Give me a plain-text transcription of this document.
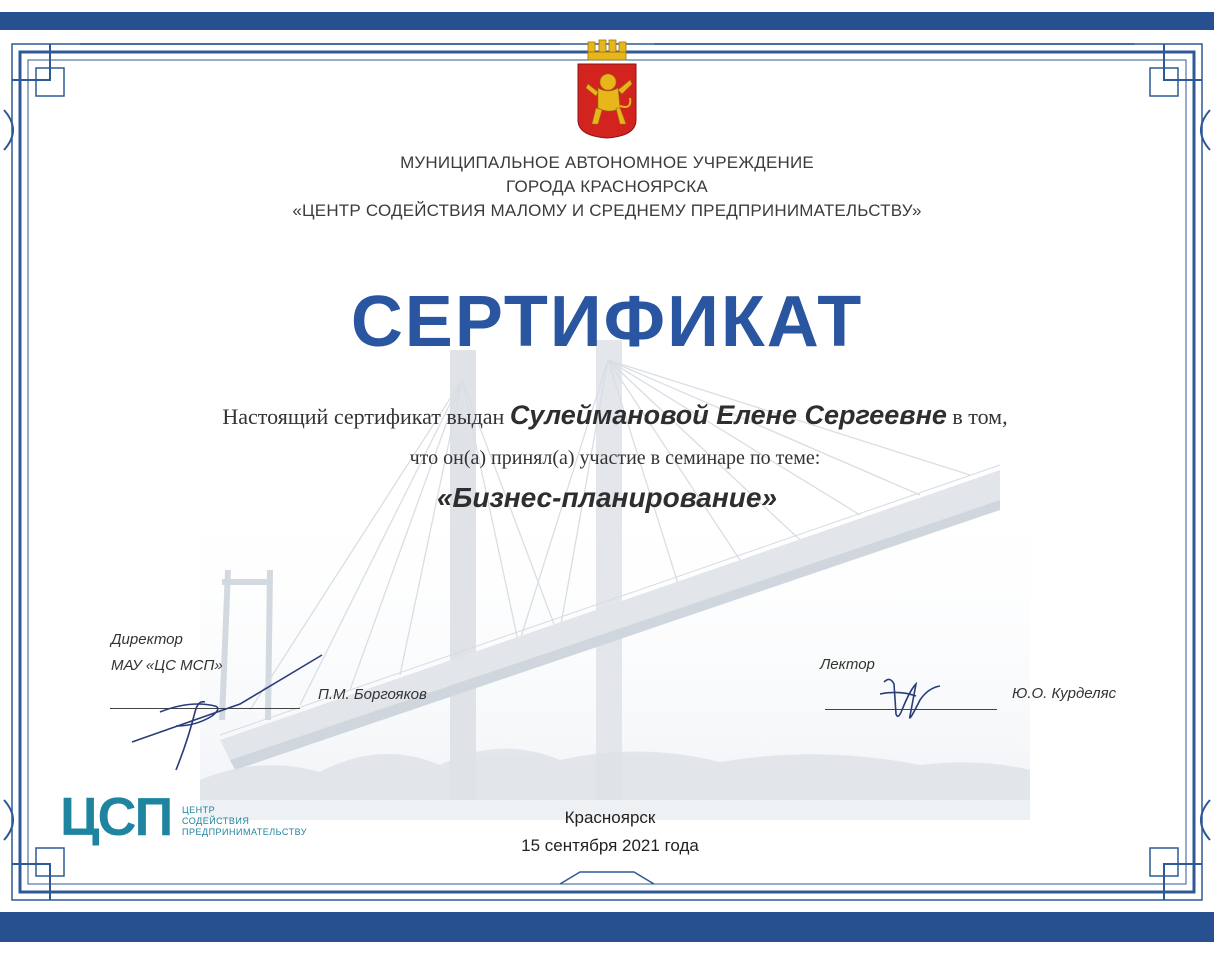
МУНИЦИПАЛЬНОЕ АВТОНОМНОЕ УЧРЕЖДЕНИЕ
ГОРОДА КРАСНОЯРСКА
«ЦЕНТР СОДЕЙСТВИЯ МАЛОМУ И СРЕДНЕМУ ПРЕДПРИНИМАТЕЛЬСТВУ»
СЕРТИФИКАТ
Настоящий сертификат выдан Сулеймановой Елене Сергеевне в том,
что он(а) принял(а) участие в семинаре по теме:
«Бизнес-планирование»
Директор
МАУ «ЦС МСП»
П.М. Боргояков
Лектор
Ю.О. Курделяс
ЦСП ЦЕНТР
СОДЕЙСТВИЯ
ПРЕДПРИНИМАТЕЛЬСТВУ
Красноярск
15 сентября 2021 года
